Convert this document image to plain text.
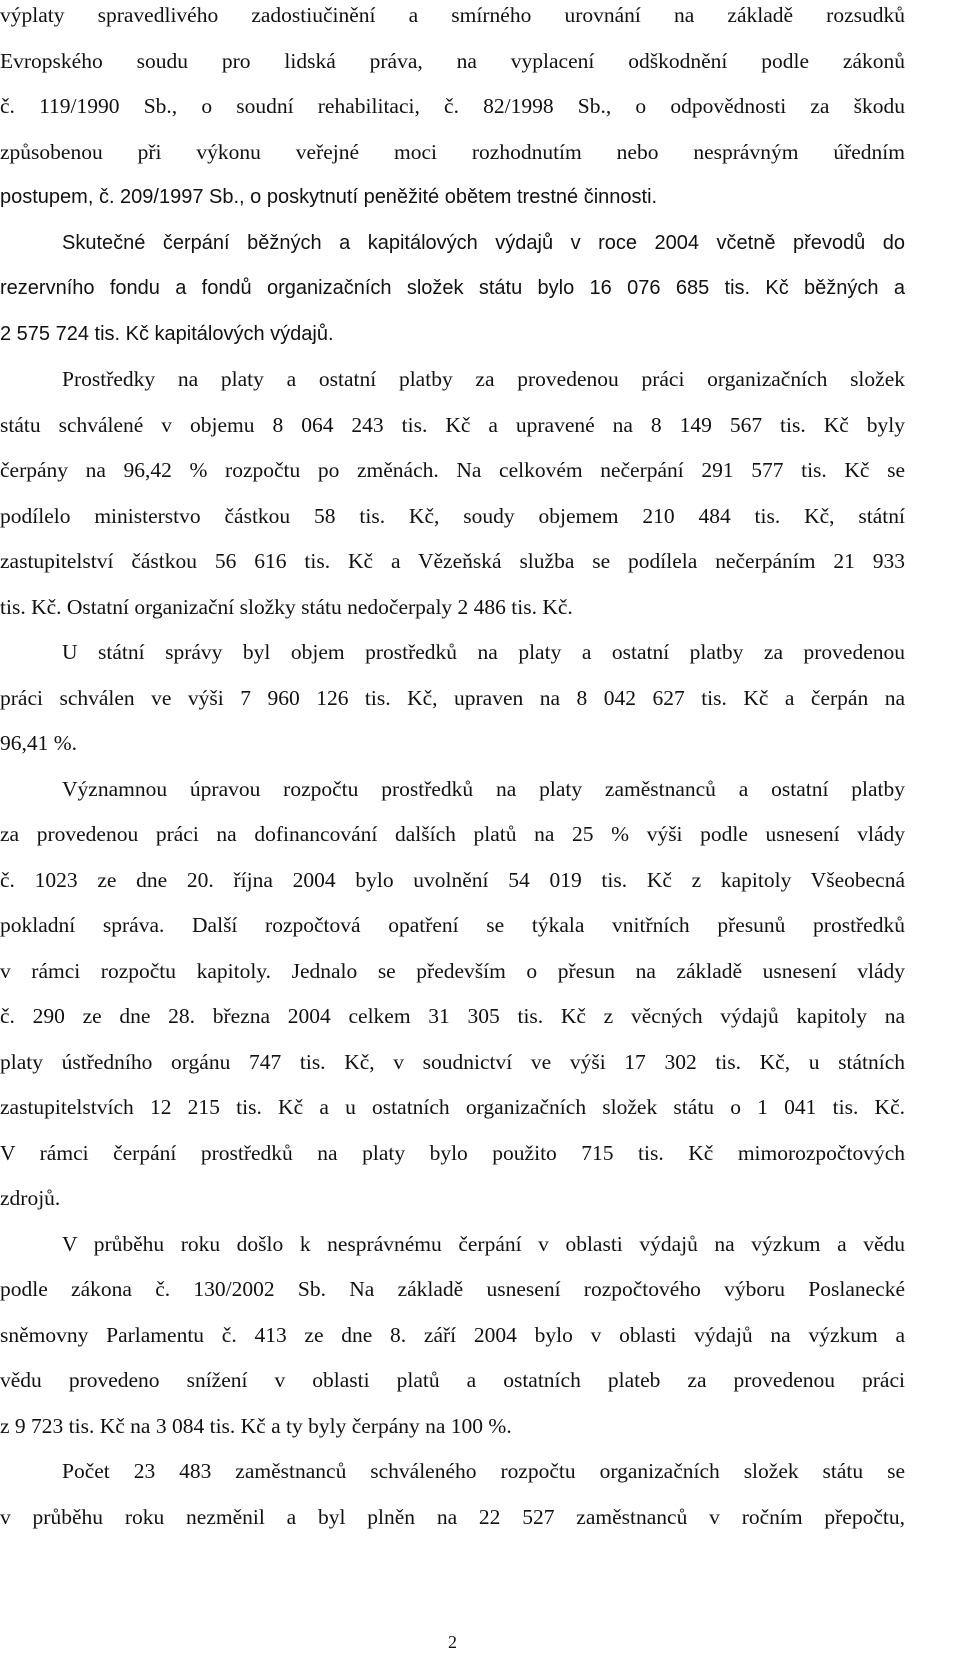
výplaty spravedlivého zadostiučinění a smírného urovnání na základě rozsudků
Evropského soudu pro lidská práva, na vyplacení odškodnění podle zákonů
č. 119/1990 Sb., o soudní rehabilitaci, č. 82/1998 Sb., o odpovědnosti za škodu
způsobenou při výkonu veřejné moci rozhodnutím nebo nesprávným úředním
postupem, č. 209/1997 Sb., o poskytnutí peněžité obětem trestné činnosti.
Skutečné čerpání běžných a kapitálových výdajů v roce 2004 včetně převodů do
rezervního fondu a fondů organizačních složek státu bylo 16 076 685 tis. Kč běžných a
2 575 724 tis. Kč kapitálových výdajů.
Prostředky na platy a ostatní platby za provedenou práci organizačních složek
státu schválené v objemu 8 064 243 tis. Kč a upravené na 8 149 567 tis. Kč byly
čerpány na 96,42 % rozpočtu po změnách. Na celkovém nečerpání 291 577 tis. Kč se
podílelo ministerstvo částkou 58 tis. Kč, soudy objemem 210 484 tis. Kč, státní
zastupitelství částkou 56 616 tis. Kč a Vězeňská služba se podílela nečerpáním 21 933
tis. Kč. Ostatní organizační složky státu nedočerpaly 2 486 tis. Kč.
U státní správy byl objem prostředků na platy a ostatní platby za provedenou
práci schválen ve výši 7 960 126 tis. Kč, upraven na 8 042 627 tis. Kč a čerpán na
96,41 %.
Významnou úpravou rozpočtu prostředků na platy zaměstnanců a ostatní platby
za provedenou práci na dofinancování dalších platů na 25 % výši podle usnesení vlády
č. 1023 ze dne 20. října 2004 bylo uvolnění 54 019 tis. Kč z kapitoly Všeobecná
pokladní správa. Další rozpočtová opatření se týkala vnitřních přesunů prostředků
v rámci rozpočtu kapitoly. Jednalo se především o přesun na základě usnesení vlády
č. 290 ze dne 28. března 2004 celkem 31 305 tis. Kč z věcných výdajů kapitoly na
platy ústředního orgánu 747 tis. Kč, v soudnictví ve výši 17 302 tis. Kč, u státních
zastupitelstvích 12 215 tis. Kč a u ostatních organizačních složek státu o 1 041 tis. Kč.
V rámci čerpání prostředků na platy bylo použito 715 tis. Kč mimorozpočtových
zdrojů.
V průběhu roku došlo k nesprávnému čerpání v oblasti výdajů na výzkum a vědu
podle zákona č. 130/2002 Sb. Na základě usnesení rozpočtového výboru Poslanecké
sněmovny Parlamentu č. 413 ze dne 8. září 2004 bylo v oblasti výdajů na výzkum a
vědu provedeno snížení v oblasti platů a ostatních plateb za provedenou práci
z 9 723 tis. Kč na 3 084 tis. Kč a ty byly čerpány na 100 %.
Počet 23 483 zaměstnanců schváleného rozpočtu organizačních složek státu se
v průběhu roku nezměnil a byl plněn na 22 527 zaměstnanců v ročním přepočtu,
2
